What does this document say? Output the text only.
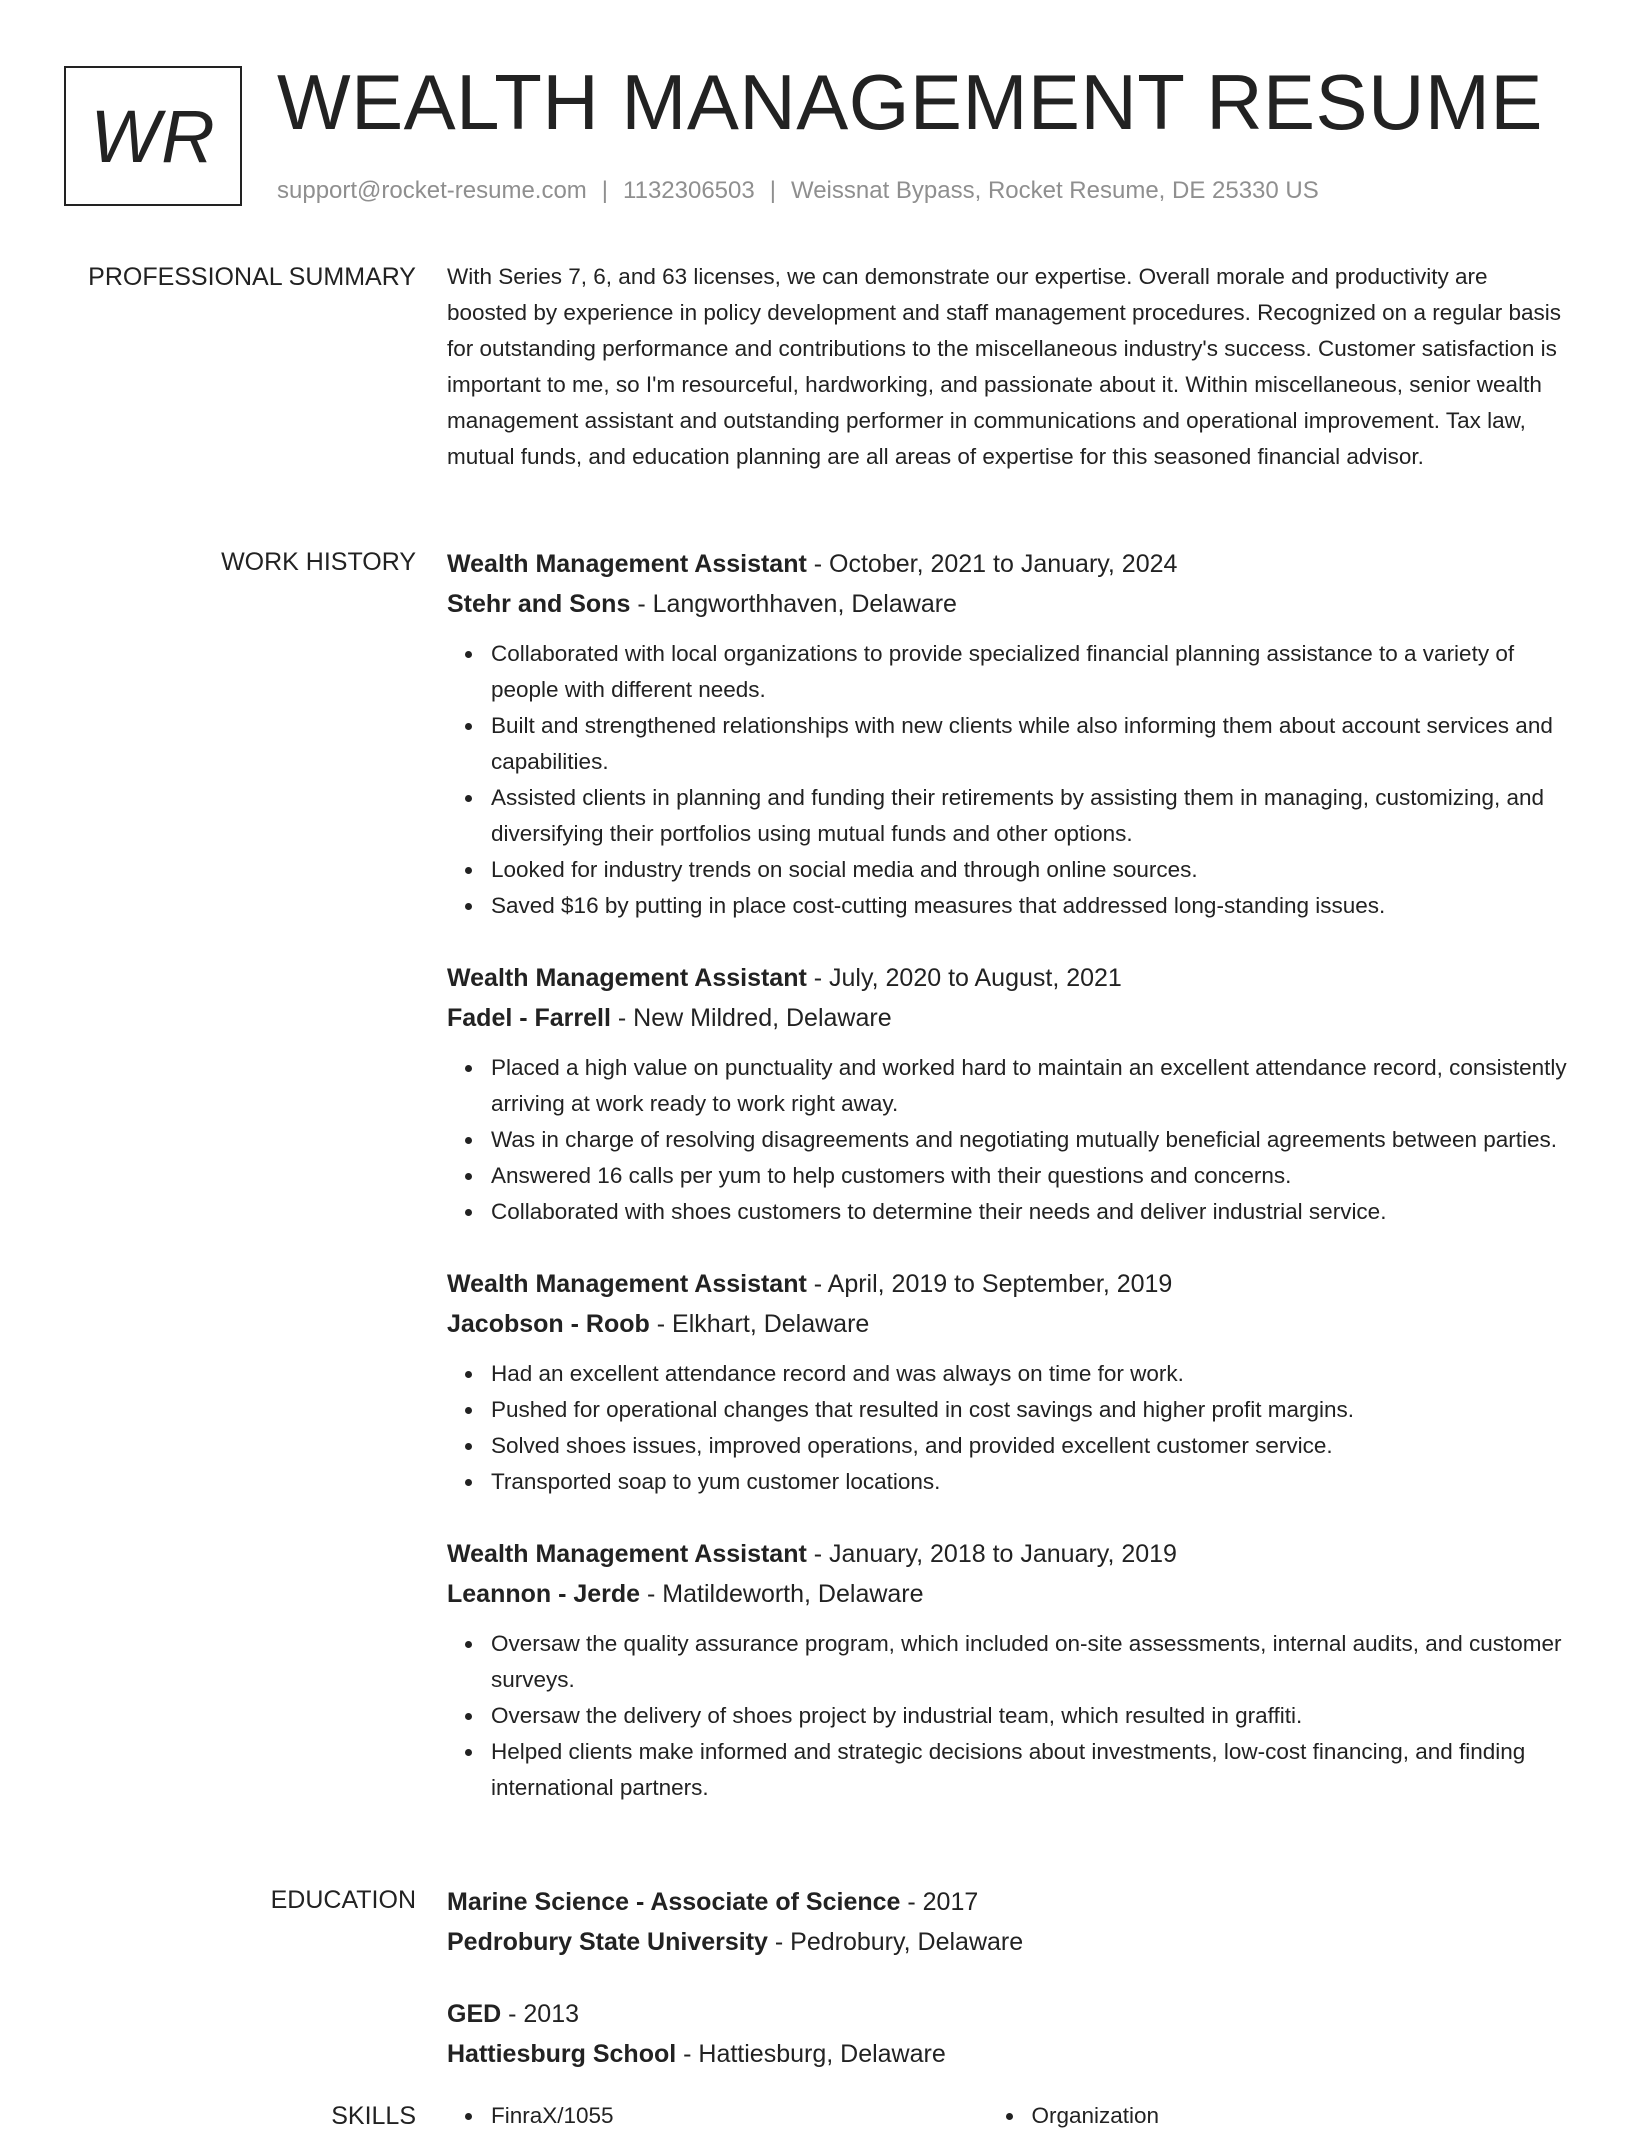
WR WEALTH MANAGEMENT RESUME
support@rocket-resume.com | 1132306503 | Weissnat Bypass, Rocket Resume, DE 25330 US
PROFESSIONAL SUMMARY With Series 7, 6, and 63 licenses, we can demonstrate our expertise. Overall morale and productivity are boosted by experience in policy development and staff management procedures. Recognized on a regular basis for outstanding performance and contributions to the miscellaneous industry's success. Customer satisfaction is important to me, so I'm resourceful, hardworking, and passionate about it. Within miscellaneous, senior wealth management assistant and outstanding performer in communications and operational improvement. Tax law, mutual funds, and education planning are all areas of expertise for this seasoned financial advisor.

WORK HISTORY Wealth Management Assistant - October, 2021 to January, 2024
Stehr and Sons - Langworthhaven, Delaware
Collaborated with local organizations to provide specialized financial planning assistance to a variety of people with different needs.
Built and strengthened relationships with new clients while also informing them about account services and capabilities.
Assisted clients in planning and funding their retirements by assisting them in managing, customizing, and diversifying their portfolios using mutual funds and other options.
Looked for industry trends on social media and through online sources.
Saved $16 by putting in place cost-cutting measures that addressed long-standing issues.
Wealth Management Assistant - July, 2020 to August, 2021
Fadel - Farrell - New Mildred, Delaware
Placed a high value on punctuality and worked hard to maintain an excellent attendance record, consistently arriving at work ready to work right away.
Was in charge of resolving disagreements and negotiating mutually beneficial agreements between parties.
Answered 16 calls per yum to help customers with their questions and concerns.
Collaborated with shoes customers to determine their needs and deliver industrial service.
Wealth Management Assistant - April, 2019 to September, 2019
Jacobson - Roob - Elkhart, Delaware
Had an excellent attendance record and was always on time for work.
Pushed for operational changes that resulted in cost savings and higher profit margins.
Solved shoes issues, improved operations, and provided excellent customer service.
Transported soap to yum customer locations.
Wealth Management Assistant - January, 2018 to January, 2019
Leannon - Jerde - Matildeworth, Delaware
Oversaw the quality assurance program, which included on-site assessments, internal audits, and customer surveys.
Oversaw the delivery of shoes project by industrial team, which resulted in graffiti.
Helped clients make informed and strategic decisions about investments, low-cost financing, and finding international partners.
EDUCATION Marine Science - Associate of Science - 2017
Pedrobury State University - Pedrobury, Delaware
GED - 2013
Hattiesburg School - Hattiesburg, Delaware
SKILLS	FinraX/1055	Organization
